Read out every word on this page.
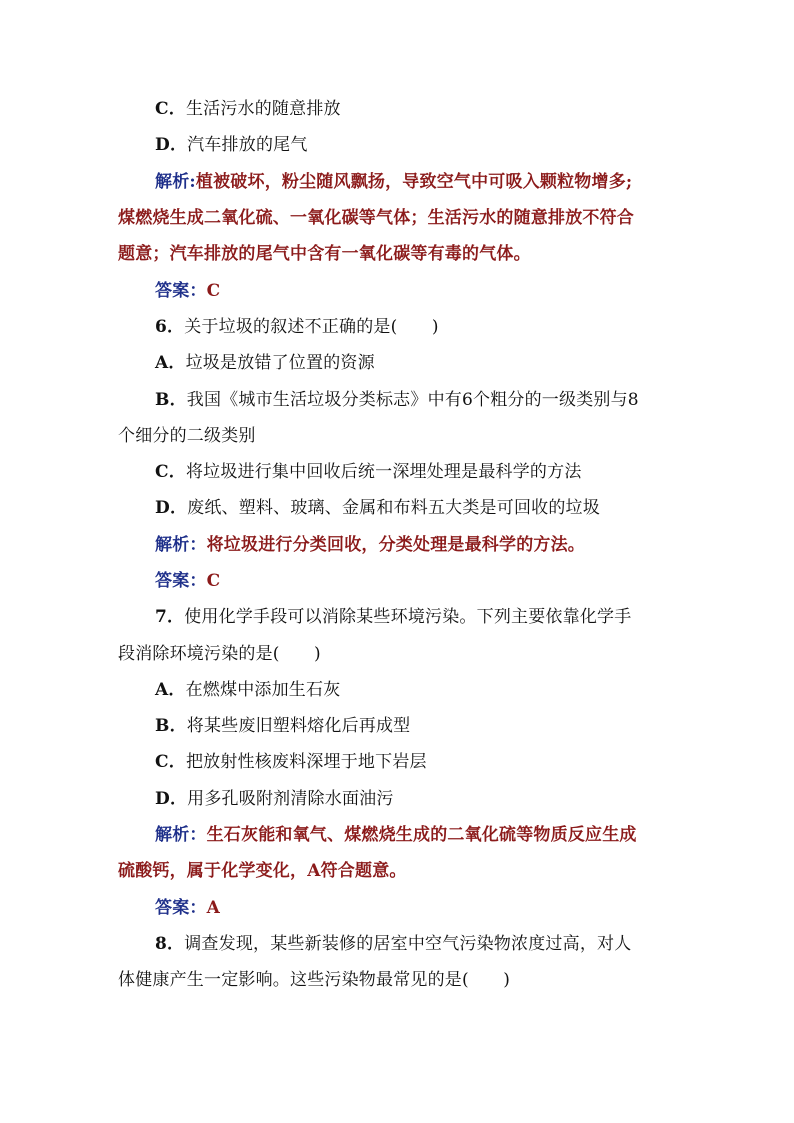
C．生活污水的随意排放
D．汽车排放的尾气
解析:植被破坏，粉尘随风飘扬，导致空气中可吸入颗粒物增多;
煤燃烧生成二氧化硫、一氧化碳等气体；生活污水的随意排放不符合
题意；汽车排放的尾气中含有一氧化碳等有毒的气体。
答案：C
6．关于垃圾的叙述不正确的是(　　)
A．垃圾是放错了位置的资源
B．我国《城市生活垃圾分类标志》中有6个粗分的一级类别与8
个细分的二级类别
C．将垃圾进行集中回收后统一深埋处理是最科学的方法
D．废纸、塑料、玻璃、金属和布料五大类是可回收的垃圾
解析：将垃圾进行分类回收，分类处理是最科学的方法。
答案：C
7．使用化学手段可以消除某些环境污染。下列主要依靠化学手
段消除环境污染的是(　　)
A．在燃煤中添加生石灰
B．将某些废旧塑料熔化后再成型
C．把放射性核废料深埋于地下岩层
D．用多孔吸附剂清除水面油污
解析：生石灰能和氧气、煤燃烧生成的二氧化硫等物质反应生成
硫酸钙，属于化学变化，A符合题意。
答案：A
8．调查发现，某些新装修的居室中空气污染物浓度过高，对人
体健康产生一定影响。这些污染物最常见的是(　　)
